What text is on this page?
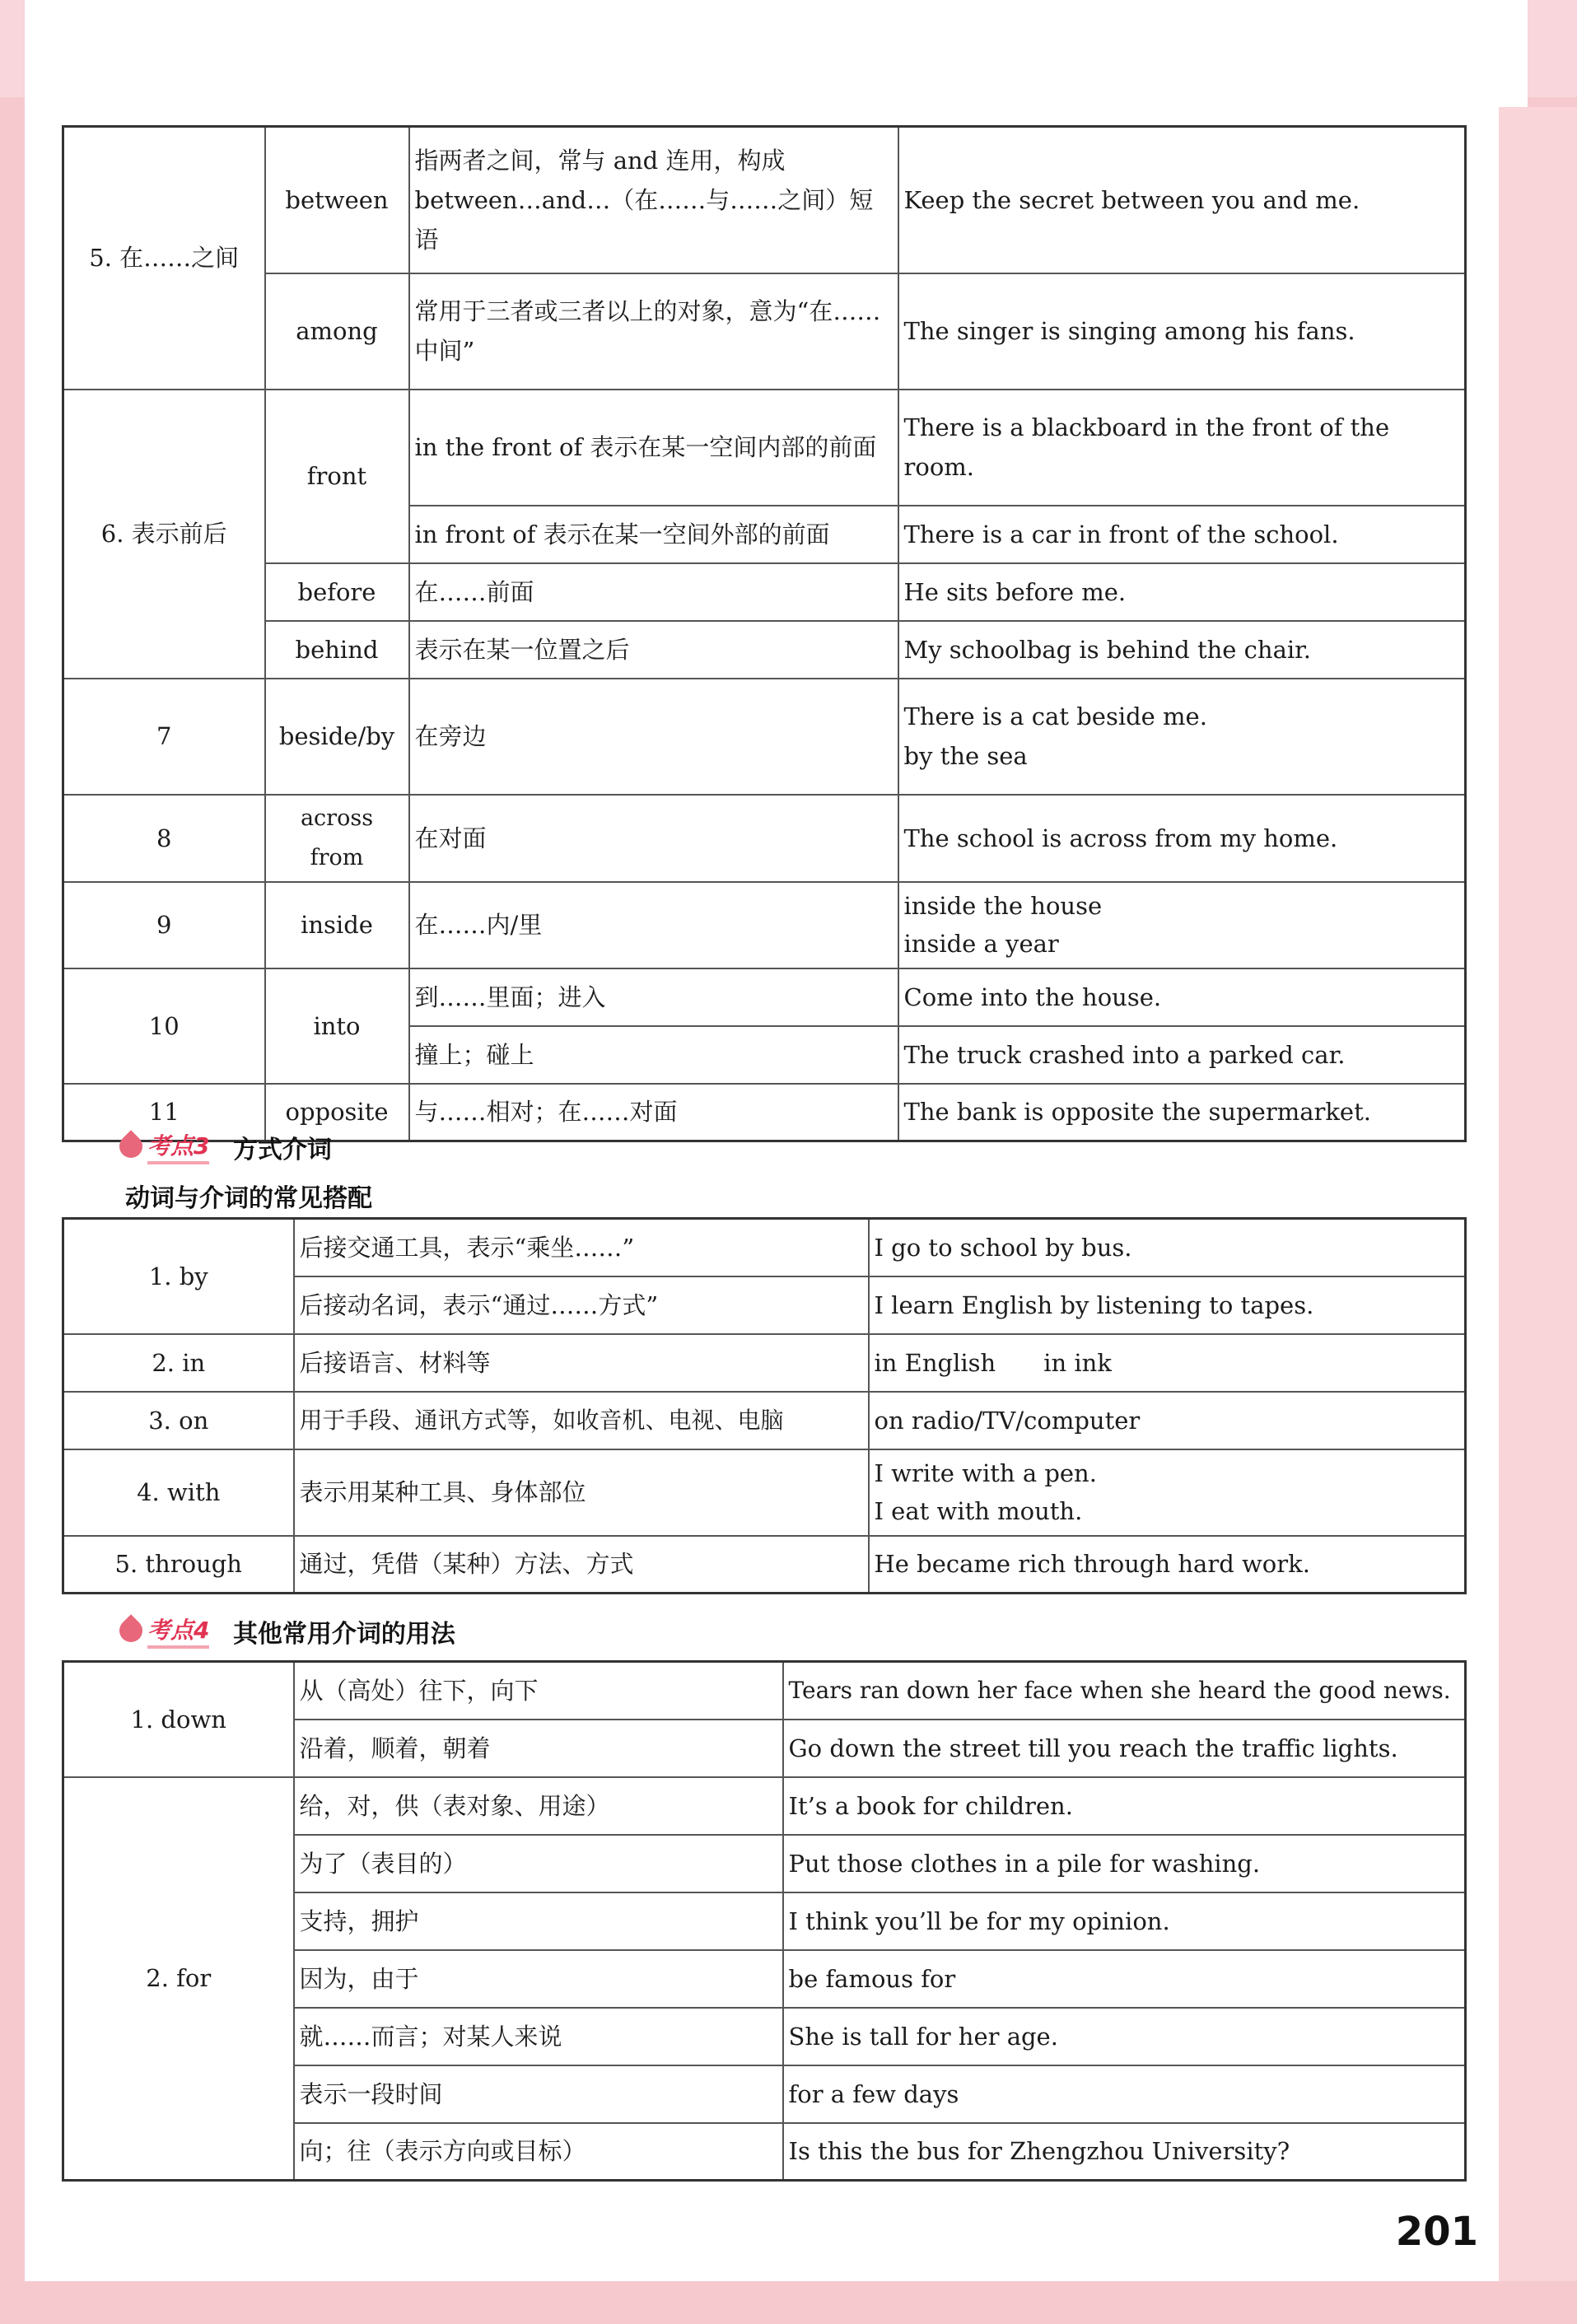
5. 在……之间	between	指两者之间，常与 and 连用，构成 between…and…（在……与……之间）短语	Keep the secret between you and me.
	among	常用于三者或三者以上的对象，意为“在……中间”	The singer is singing among his fans.
6. 表示前后	front	in the front of 表示在某一空间内部的前面	There is a blackboard in the front of the room.
		in front of 表示在某一空间外部的前面	There is a car in front of the school.
	before	在……前面	He sits before me.
	behind	表示在某一位置之后	My schoolbag is behind the chair.
7	beside/by	在旁边	There is a cat beside me.
by the sea

8	across from	在对面	The school is across from my home.
9	inside	在……内/里	inside the house
inside a year

10	into	到……里面；进入	Come into the house.
		撞上；碰上	The truck crashed into a parked car.
11	opposite	与……相对；在……对面	The bank is opposite the supermarket.
考点3 方式介词
动词与介词的常见搭配
1. by	后接交通工具，表示“乘坐……”	I go to school by bus.
	后接动名词，表示“通过……方式”	I learn English by listening to tapes.
2. in	后接语言、材料等	in English　　in ink
3. on	用于手段、通讯方式等，如收音机、电视、电脑	on radio/TV/computer
4. with	表示用某种工具、身体部位	I write with a pen.
I eat with mouth.

5. through	通过，凭借（某种）方法、方式	He became rich through hard work.
考点4 其他常用介词的用法
1. down	从（高处）往下，向下	Tears ran down her face when she heard the good news.
	沿着，顺着，朝着	Go down the street till you reach the traffic lights.
2. for	给，对，供（表对象、用途）	It’s a book for children.
	为了（表目的）	Put those clothes in a pile for washing.
	支持，拥护	I think you’ll be for my opinion.
	因为，由于	be famous for
	就……而言；对某人来说	She is tall for her age.
	表示一段时间	for a few days
	向；往（表示方向或目标）	Is this the bus for Zhengzhou University?
201
